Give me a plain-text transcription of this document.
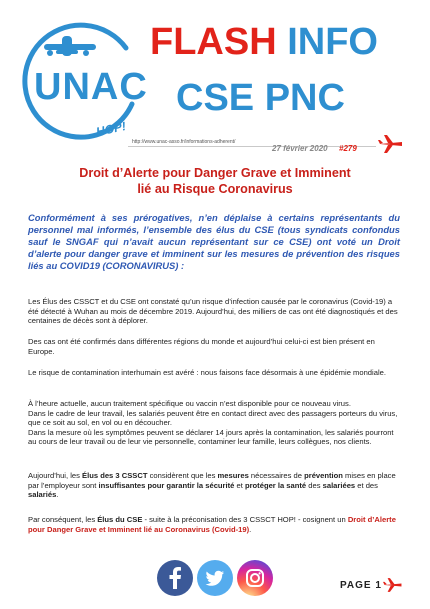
UNAC
HOP!
FLASH INFO
CSE PNC
http://www.unac-asso.fr/informations-adherent/
27 février 2020 #279
Droit d’Alerte pour Danger Grave et Imminent
lié au Risque Coronavirus
Conformément à ses prérogatives, n’en déplaise à certains représentants du personnel mal informés, l’ensemble des élus du CSE (tous syndicats confondus sauf le SNGAF qui n’avait aucun représentant sur ce CSE) ont voté un Droit d’alerte pour danger grave et imminent sur les mesures de prévention des risques liés au COVID19 (CORONAVIRUS) :

Les Élus des CSSCT et du CSE ont constaté qu’un risque d’infection causée par le coronavirus (Covid-19) a été détecté à Wuhan au mois de décembre 2019. Aujourd’hui, des milliers de cas ont été diagnostiqués et des centaines de décès sont à déplorer.

Des cas ont été confirmés dans différentes régions du monde et aujourd’hui celui-ci est bien présent en Europe.

Le risque de contamination interhumain est avéré : nous faisons face désormais à une épidémie mondiale.

À l’heure actuelle, aucun traitement spécifique ou vaccin n’est disponible pour ce nouveau virus.
Dans le cadre de leur travail, les salariés peuvent être en contact direct avec des passagers porteurs du virus, que ce soit au sol, en vol ou en découcher.
Dans la mesure où les symptômes peuvent se déclarer 14 jours après la contamination, les salariés pourront au cours de leur travail ou de leur vie personnelle, contaminer leur famille, leurs collègues, nos clients.

Aujourd’hui, les Élus des 3 CSSCT considèrent que les mesures nécessaires de prévention mises en place par l’employeur sont insuffisantes pour garantir la sécurité et protéger la santé des salariées et des salariés.

Par conséquent, les Élus du CSE - suite à la préconisation des 3 CSSCT HOP! - cosignent un Droit d’Alerte pour Danger Grave et Imminent lié au Coronavirus (Covid-19).

PAGE 1
